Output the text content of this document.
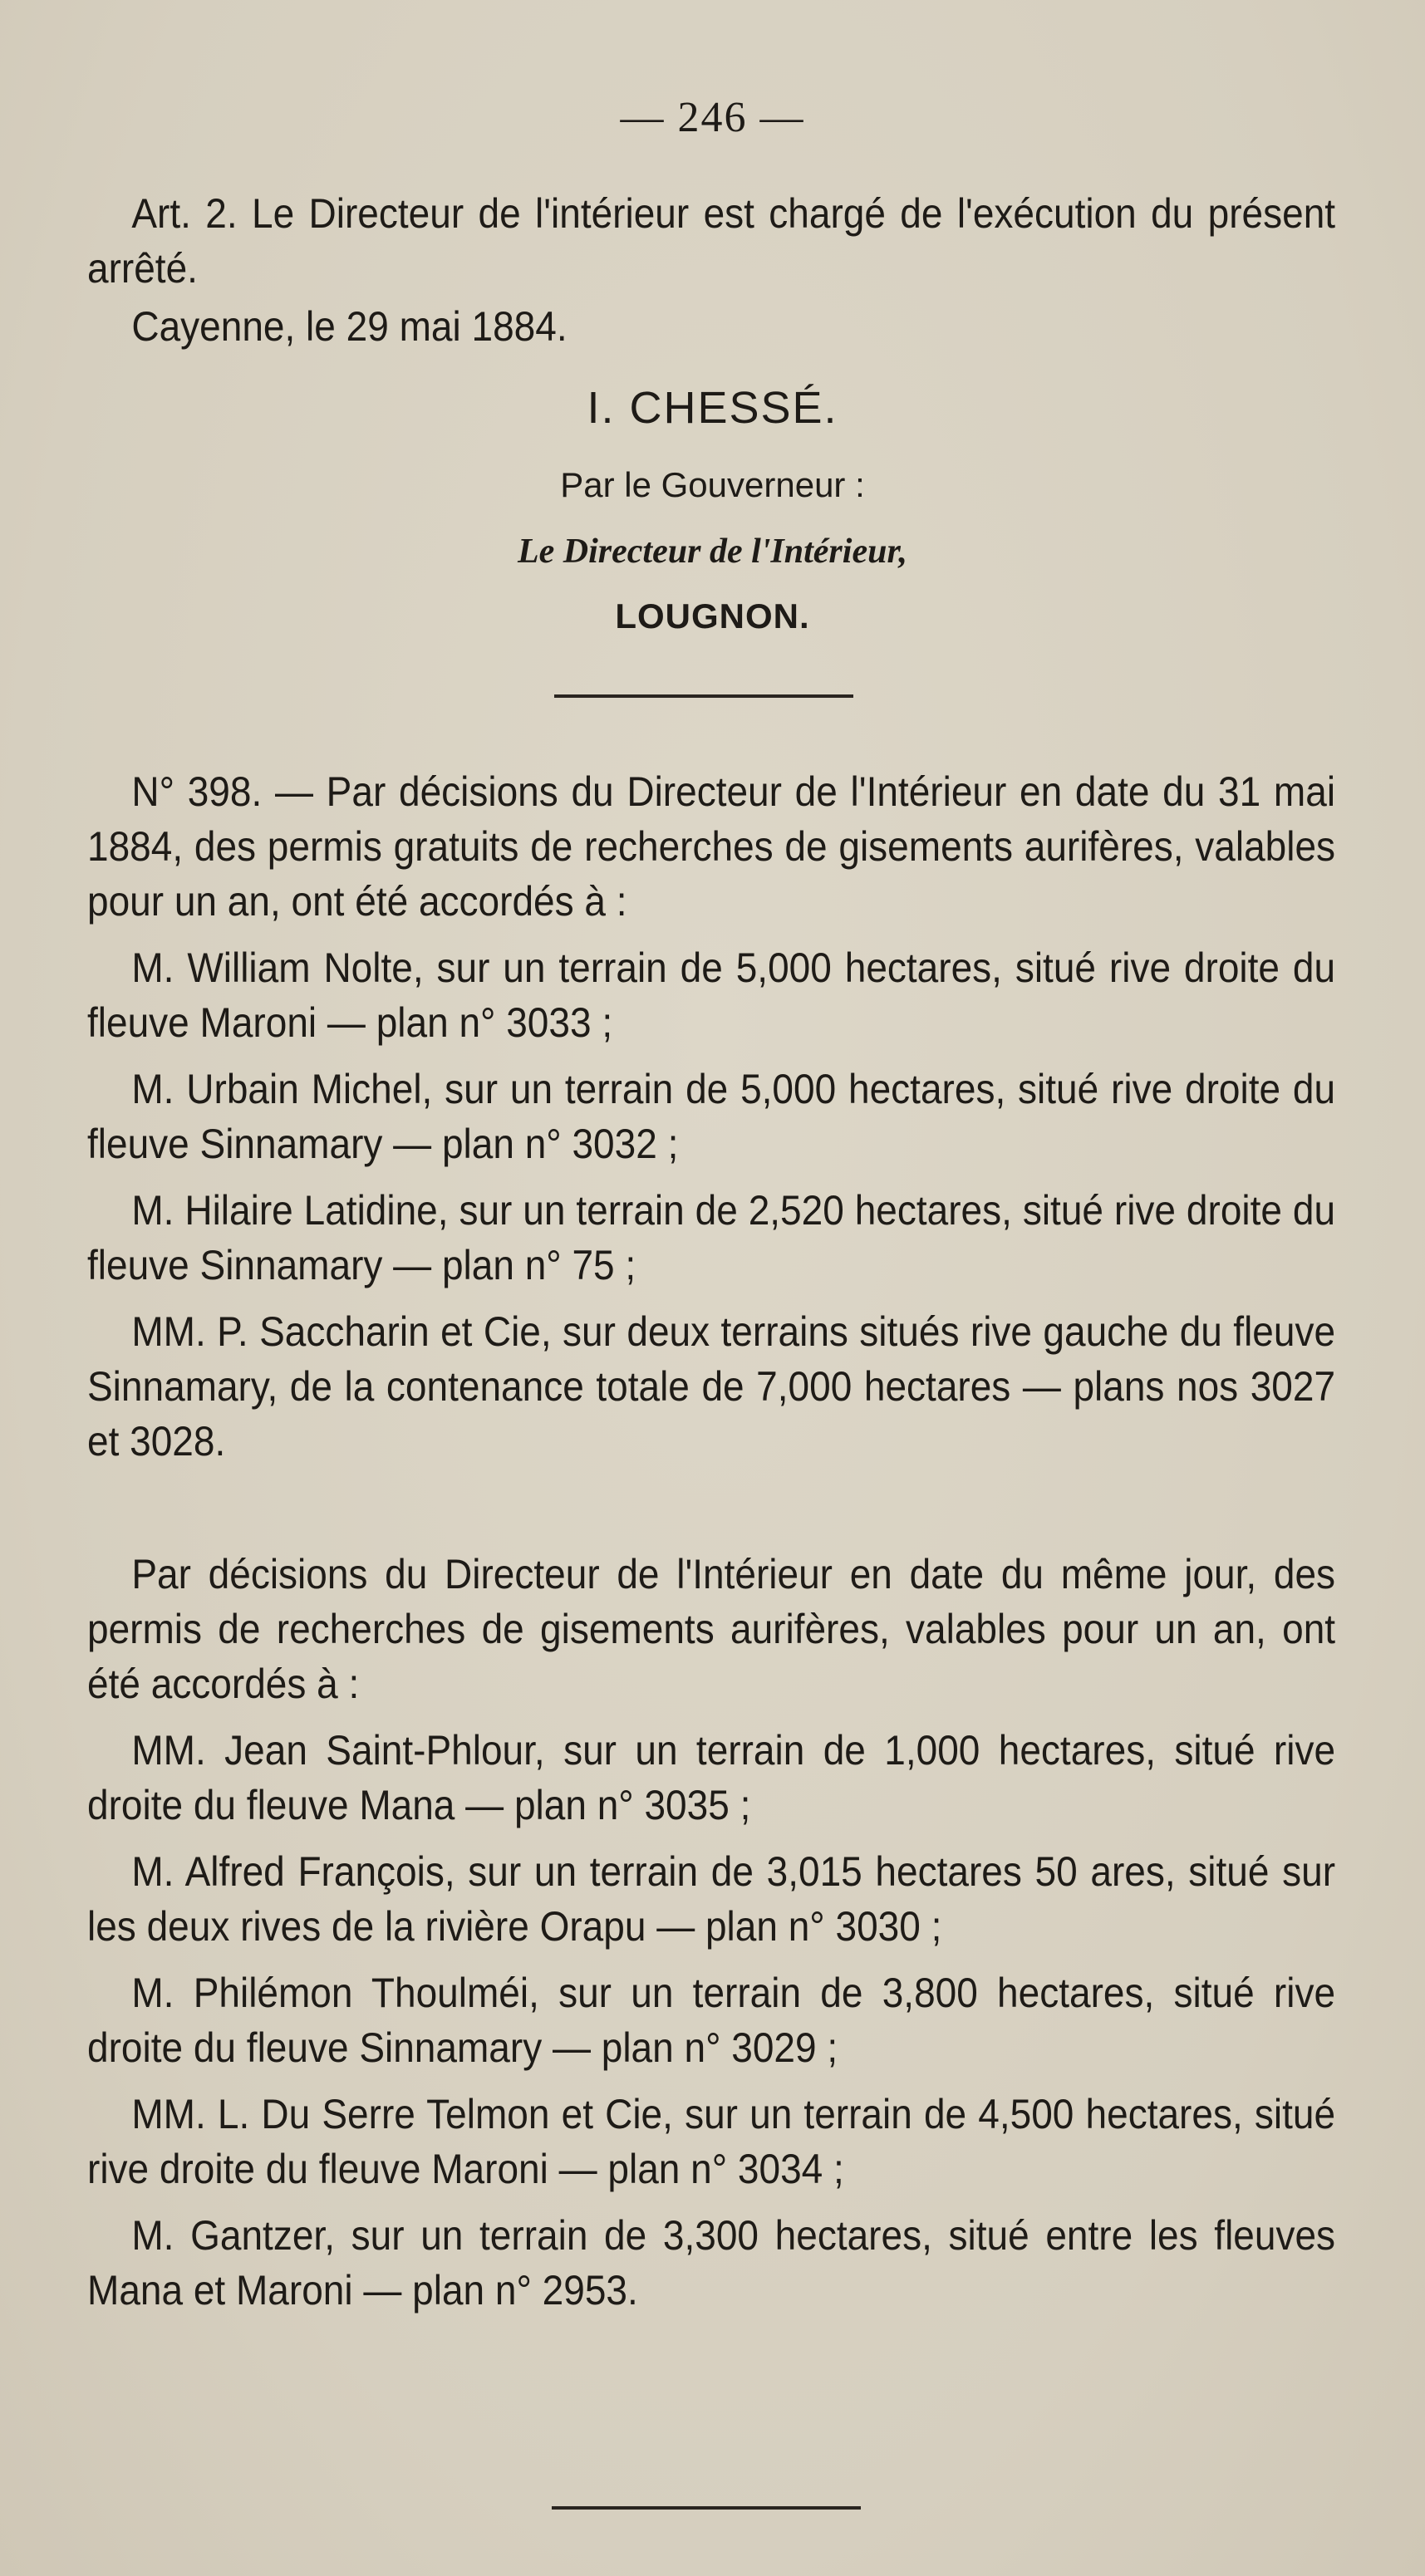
— 246 —

Art. 2. Le Directeur de l'intérieur est chargé de l'exécution du présent arrêté.

Cayenne, le 29 mai 1884.

I. CHESSÉ.
Par le Gouverneur :
Le Directeur de l'Intérieur,
LOUGNON.

N° 398. — Par décisions du Directeur de l'Intérieur en date du 31 mai 1884, des permis gratuits de recherches de gisements aurifères, valables pour un an, ont été accordés à :

M. William Nolte, sur un terrain de 5,000 hectares, situé rive droite du fleuve Maroni — plan n° 3033 ;

M. Urbain Michel, sur un terrain de 5,000 hectares, situé rive droite du fleuve Sinnamary — plan n° 3032 ;

M. Hilaire Latidine, sur un terrain de 2,520 hectares, situé rive droite du fleuve Sinnamary — plan n° 75 ;

MM. P. Saccharin et Cie, sur deux terrains situés rive gauche du fleuve Sinnamary, de la contenance totale de 7,000 hectares — plans nos 3027 et 3028.

Par décisions du Directeur de l'Intérieur en date du même jour, des permis de recherches de gisements aurifères, valables pour un an, ont été accordés à :

MM. Jean Saint-Phlour, sur un terrain de 1,000 hectares, situé rive droite du fleuve Mana — plan n° 3035 ;

M. Alfred François, sur un terrain de 3,015 hectares 50 ares, situé sur les deux rives de la rivière Orapu — plan n° 3030 ;

M. Philémon Thoulméi, sur un terrain de 3,800 hectares, situé rive droite du fleuve Sinnamary — plan n° 3029 ;

MM. L. Du Serre Telmon et Cie, sur un terrain de 4,500 hectares, situé rive droite du fleuve Maroni — plan n° 3034 ;

M. Gantzer, sur un terrain de 3,300 hectares, situé entre les fleuves Mana et Maroni — plan n° 2953.
